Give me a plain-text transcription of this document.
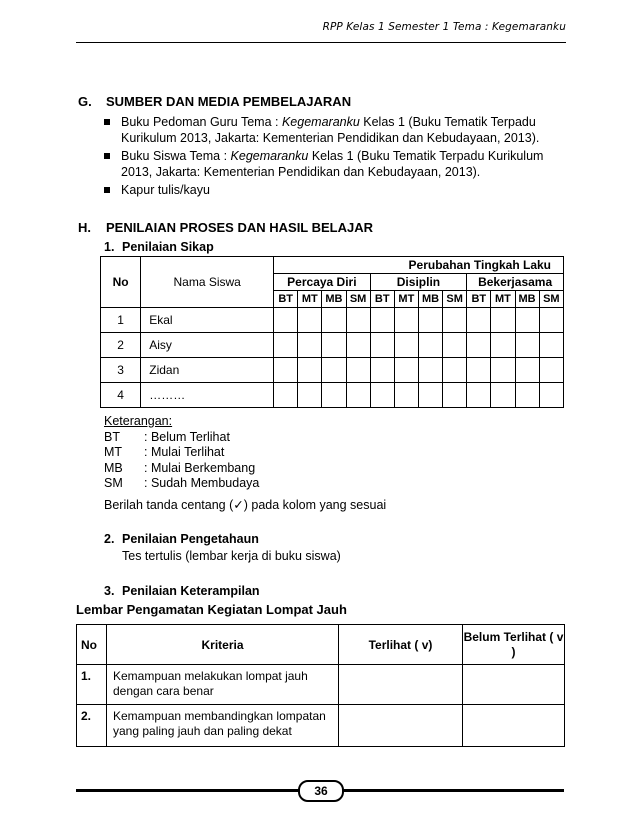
RPP Kelas 1 Semester 1 Tema : Kegemaranku
G. SUMBER DAN MEDIA PEMBELAJARAN
Buku Pedoman Guru Tema : Kegemaranku Kelas 1 (Buku Tematik Terpadu Kurikulum 2013, Jakarta: Kementerian Pendidikan dan Kebudayaan, 2013).
Buku Siswa Tema : Kegemaranku Kelas 1 (Buku Tematik Terpadu Kurikulum 2013, Jakarta: Kementerian Pendidikan dan Kebudayaan, 2013).
Kapur tulis/kayu
H. PENILAIAN PROSES DAN HASIL BELAJAR
1. Penilaian Sikap
No	Nama Siswa	Perubahan Tingkah Laku											
		Percaya Diri				Disiplin				Bekerjasama			
		BT	MT	MB	SM	BT	MT	MB	SM	BT	MT	MB	SM
1	Ekal												
2	Aisy												
3	Zidan												
4	………												
Keterangan:
BT	: Belum Terlihat
MT	: Mulai Terlihat
MB	: Mulai Berkembang
SM	: Sudah Membudaya
Berilah tanda centang (✓) pada kolom yang sesuai
2. Penilaian Pengetahaun
Tes tertulis (lembar kerja di buku siswa)
3. Penilaian Keterampilan
Lembar Pengamatan Kegiatan Lompat Jauh
No	Kriteria	Terlihat ( v)	Belum Terlihat ( v )
1.	Kemampuan melakukan lompat jauh dengan cara benar		
2.	Kemampuan membandingkan lompatan yang paling jauh dan paling dekat		
36
